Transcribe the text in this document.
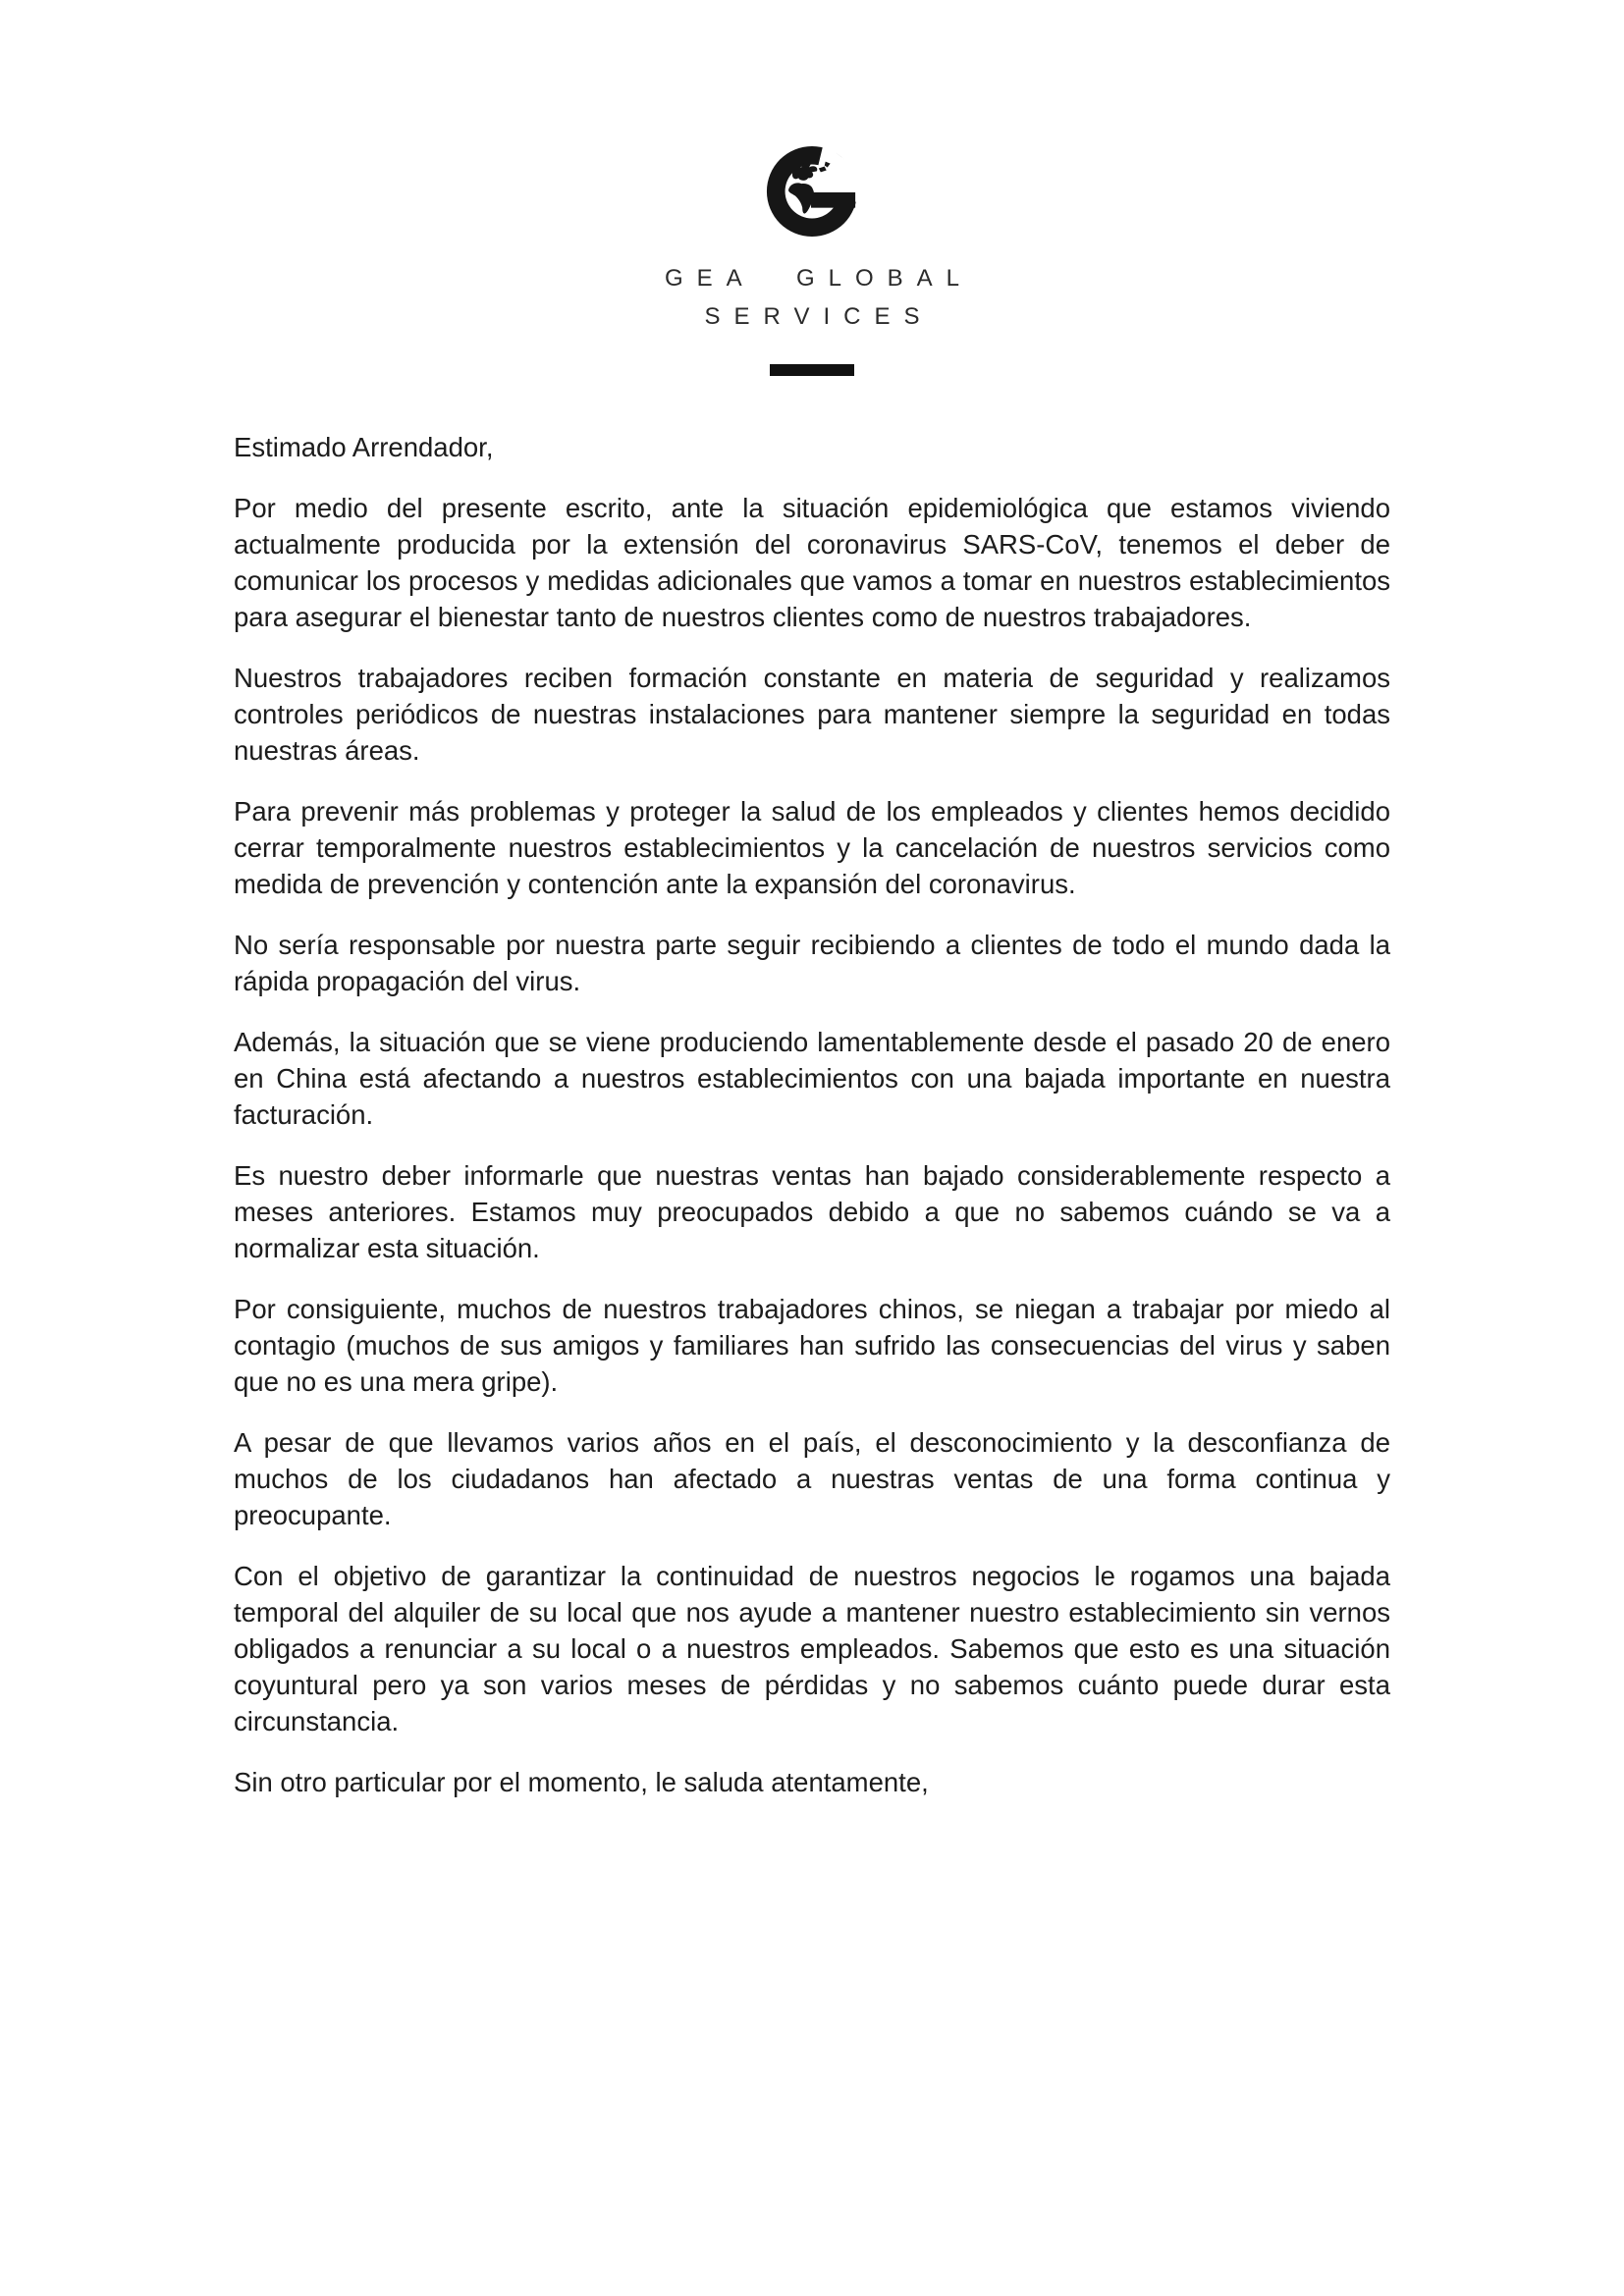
GEA GLOBAL
SERVICES

Estimado Arrendador,

Por medio del presente escrito, ante la situación epidemiológica que estamos viviendo actualmente producida por la extensión del coronavirus SARS-CoV, tenemos el deber de comunicar los procesos y medidas adicionales que vamos a tomar en nuestros establecimientos para asegurar el bienestar tanto de nuestros clientes como de nuestros trabajadores.

Nuestros trabajadores reciben formación constante en materia de seguridad y realizamos controles periódicos de nuestras instalaciones para mantener siempre la seguridad en todas nuestras áreas.

Para prevenir más problemas y proteger la salud de los empleados y clientes hemos decidido cerrar temporalmente nuestros establecimientos y la cancelación de nuestros servicios como medida de prevención y contención ante la expansión del coronavirus.

No sería responsable por nuestra parte seguir recibiendo a clientes de todo el mundo dada la rápida propagación del virus.

Además, la situación que se viene produciendo lamentablemente desde el pasado 20 de enero en China está afectando a nuestros establecimientos con una bajada importante en nuestra facturación.

Es nuestro deber informarle que nuestras ventas han bajado considerablemente respecto a meses anteriores. Estamos muy preocupados debido a que no sabemos cuándo se va a normalizar esta situación.

Por consiguiente, muchos de nuestros trabajadores chinos, se niegan a trabajar por miedo al contagio (muchos de sus amigos y familiares han sufrido las consecuencias del virus y saben que no es una mera gripe).

A pesar de que llevamos varios años en el país, el desconocimiento y la desconfianza de muchos de los ciudadanos han afectado a nuestras ventas de una forma continua y preocupante.

Con el objetivo de garantizar la continuidad de nuestros negocios le rogamos una bajada temporal del alquiler de su local que nos ayude a mantener nuestro establecimiento sin vernos obligados a renunciar a su local o a nuestros empleados. Sabemos que esto es una situación coyuntural pero ya son varios meses de pérdidas y no sabemos cuánto puede durar esta circunstancia.

Sin otro particular por el momento, le saluda atentamente,
